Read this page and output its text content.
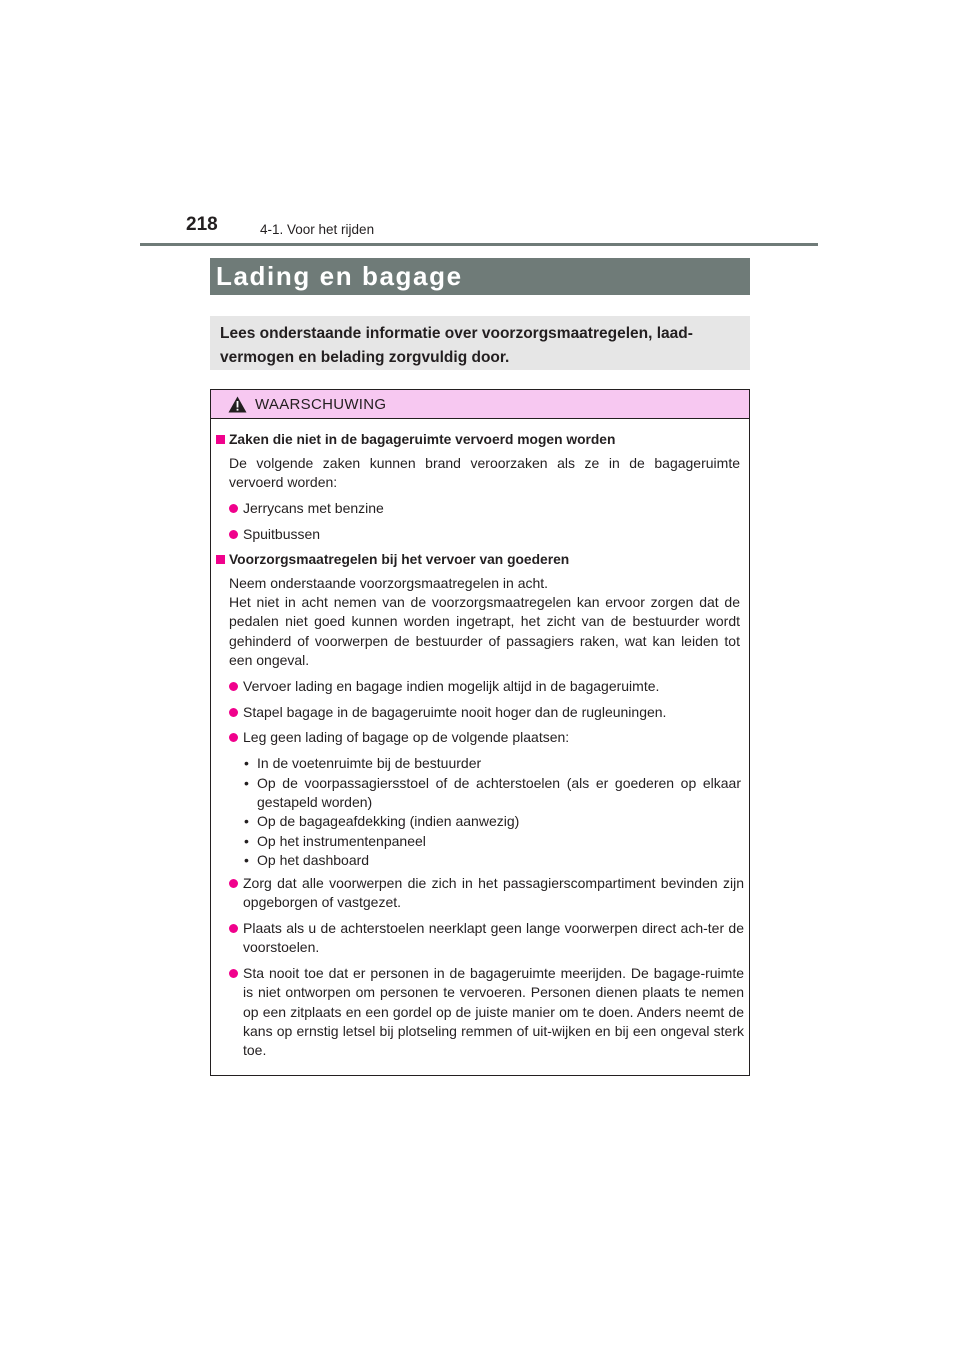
218	4-1. Voor het rijden
Lading en bagage
Lees onderstaande informatie over voorzorgsmaatregelen, laad-vermogen en belading zorgvuldig door.
WAARSCHUWING
Zaken die niet in de bagageruimte vervoerd mogen worden
De volgende zaken kunnen brand veroorzaken als ze in de bagageruimte vervoerd worden:
Jerrycans met benzine
Spuitbussen
Voorzorgsmaatregelen bij het vervoer van goederen
Neem onderstaande voorzorgsmaatregelen in acht.
Het niet in acht nemen van de voorzorgsmaatregelen kan ervoor zorgen dat de pedalen niet goed kunnen worden ingetrapt, het zicht van de bestuurder wordt gehinderd of voorwerpen de bestuurder of passagiers raken, wat kan leiden tot een ongeval.
Vervoer lading en bagage indien mogelijk altijd in de bagageruimte.
Stapel bagage in de bagageruimte nooit hoger dan de rugleuningen.
Leg geen lading of bagage op de volgende plaatsen:
• In de voetenruimte bij de bestuurder
• Op de voorpassagiersstoel of de achterstoelen (als er goederen op elkaar gestapeld worden)
• Op de bagageafdekking (indien aanwezig)
• Op het instrumentenpaneel
• Op het dashboard
Zorg dat alle voorwerpen die zich in het passagierscompartiment bevinden zijn opgeborgen of vastgezet.
Plaats als u de achterstoelen neerklapt geen lange voorwerpen direct ach-ter de voorstoelen.
Sta nooit toe dat er personen in de bagageruimte meerijden. De bagage-ruimte is niet ontworpen om personen te vervoeren. Personen dienen plaats te nemen op een zitplaats en een gordel op de juiste manier om te doen. Anders neemt de kans op ernstig letsel bij plotseling remmen of uit-wijken en bij een ongeval sterk toe.
